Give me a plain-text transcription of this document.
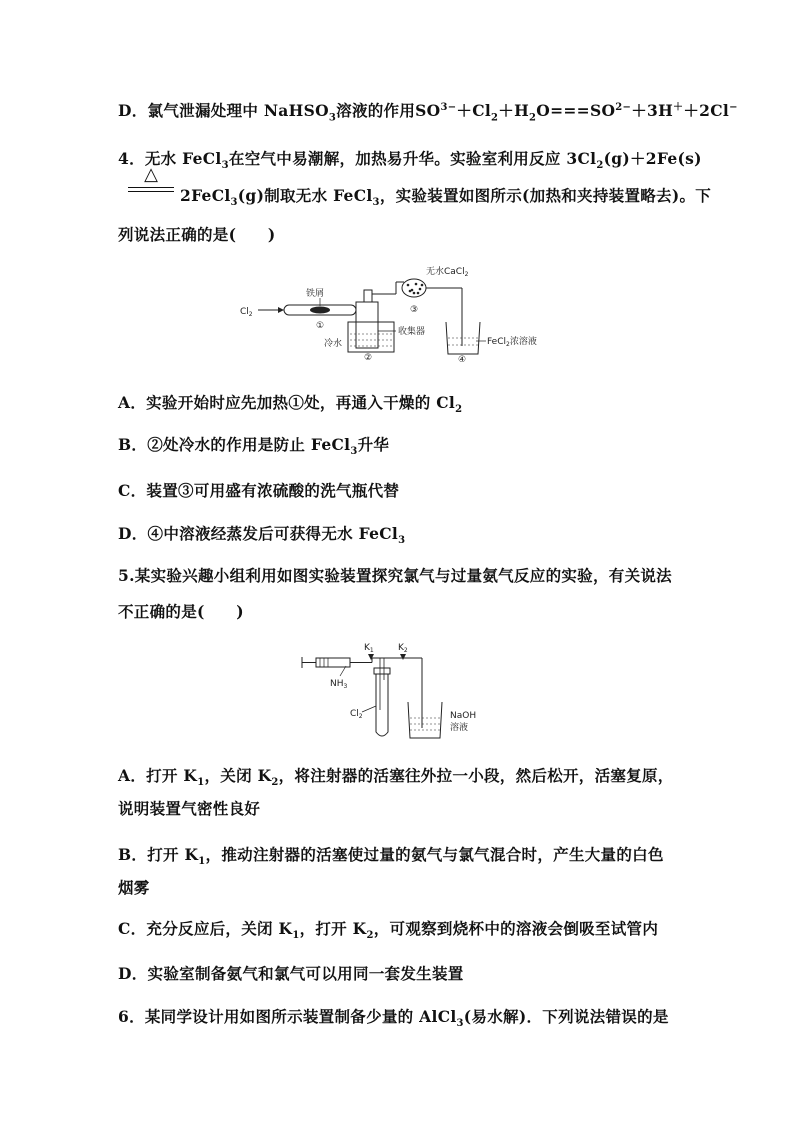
D．氯气泄漏处理中 NaHSO$_3$溶液的作用$SO^{3-}+Cl_2+H_2O===SO^{2-}+3H^++2Cl^-$
4．无水 FeCl$_3$在空气中易潮解，加热易升华。实验室利用反应 $3Cl_2(g)+2Fe(s)$
△
2FeCl$_3$(g)制取无水 FeCl$_3$，实验装置如图所示(加热和夹持装置略去)。下
列说法正确的是(　　)
$Cl_2$
铁屑
①
收集器
冷水
②
无水CaCl$_2$
③
FeCl$_2$浓溶液
④
A．实验开始时应先加热①处，再通入干燥的 $Cl_2$
B．②处冷水的作用是防止 FeCl$_3$升华
C．装置③可用盛有浓硫酸的洗气瓶代替
D．④中溶液经蒸发后可获得无水 FeCl$_3$
5.某实验兴趣小组利用如图实验装置探究氯气与过量氨气反应的实验，有关说法
不正确的是(　　)
$NH_3$
$K_1$	$K_2$
$Cl_2$	NaOH
溶液
A．打开 $K_1$，关闭 $K_2$，将注射器的活塞往外拉一小段，然后松开，活塞复原，
说明装置气密性良好
B．打开 $K_1$，推动注射器的活塞使过量的氨气与氯气混合时，产生大量的白色
烟雾
C．充分反应后，关闭 $K_1$，打开 $K_2$，可观察到烧杯中的溶液会倒吸至试管内
D．实验室制备氨气和氯气可以用同一套发生装置
6．某同学设计用如图所示装置制备少量的 AlCl$_3$(易水解)．下列说法错误的是
